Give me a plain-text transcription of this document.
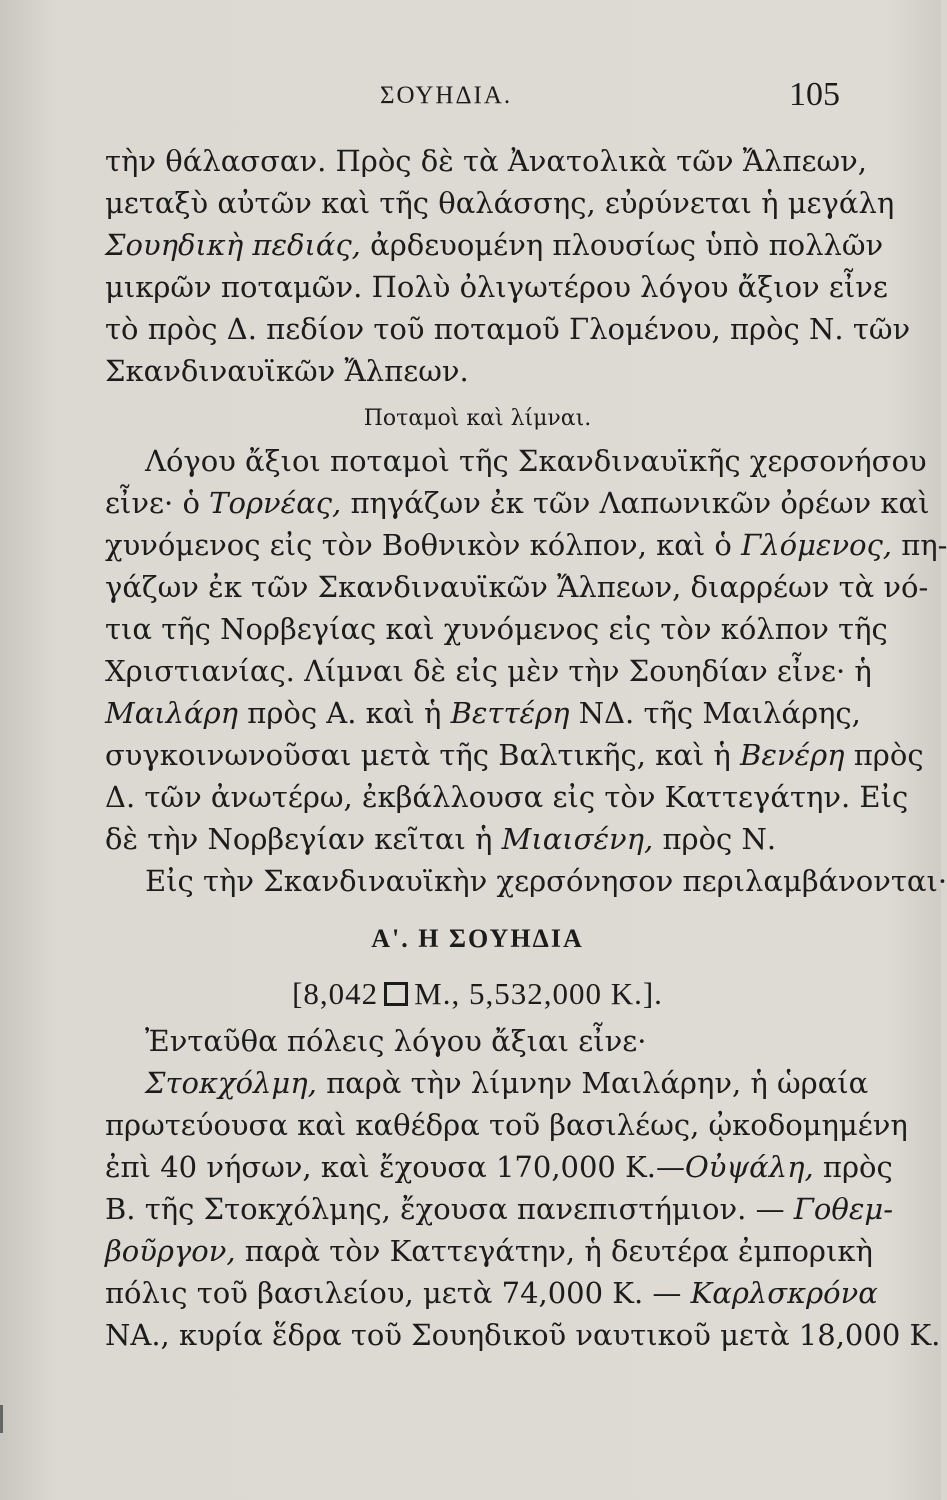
ΣΟΥΗΔΙΑ.	105
τὴν θάλασσαν. Πρὸς δὲ τὰ Ἀνατολικὰ τῶν Ἄλπεων,
μεταξὺ αὐτῶν καὶ τῆς θαλάσσης, εὐρύνεται ἡ μεγάλη
Σουηδικὴ πεδιάς, ἀρδευομένη πλουσίως ὑπὸ πολλῶν
μικρῶν ποταμῶν. Πολὺ ὀλιγωτέρου λόγου ἄξιον εἶνε
τὸ πρὸς Δ. πεδίον τοῦ ποταμοῦ Γλομένου, πρὸς Ν. τῶν
Σκανδιναυϊκῶν Ἄλπεων.
Ποταμοὶ καὶ λίμναι.
Λόγου ἄξιοι ποταμοὶ τῆς Σκανδιναυϊκῆς χερσονήσου
εἶνε· ὁ Τορνέας, πηγάζων ἐκ τῶν Λαπωνικῶν ὀρέων καὶ
χυνόμενος εἰς τὸν Βοθνικὸν κόλπον, καὶ ὁ Γλόμενος, πη-
γάζων ἐκ τῶν Σκανδιναυϊκῶν Ἄλπεων, διαρρέων τὰ νό-
τια τῆς Νορβεγίας καὶ χυνόμενος εἰς τὸν κόλπον τῆς
Χριστιανίας. Λίμναι δὲ εἰς μὲν τὴν Σουηδίαν εἶνε· ἡ
Μαιλάρη πρὸς Α. καὶ ἡ Βεττέρη ΝΔ. τῆς Μαιλάρης,
συγκοινωνοῦσαι μετὰ τῆς Βαλτικῆς, καὶ ἡ Βενέρη πρὸς
Δ. τῶν ἀνωτέρω, ἐκβάλλουσα εἰς τὸν Καττεγάτην. Εἰς
δὲ τὴν Νορβεγίαν κεῖται ἡ Μιαισένη, πρὸς Ν.
Εἰς τὴν Σκανδιναυϊκὴν χερσόνησον περιλαμβάνονται·
Α'. Η ΣΟΥΗΔΙΑ
[8,042 Μ., 5,532,000 Κ.].
Ἐνταῦθα πόλεις λόγου ἄξιαι εἶνε·
Στοκχόλμη, παρὰ τὴν λίμνην Μαιλάρην, ἡ ὡραία
πρωτεύουσα καὶ καθέδρα τοῦ βασιλέως, ᾠκοδομημένη
ἐπὶ 40 νήσων, καὶ ἔχουσα 170,000 Κ.—Οὐψάλη, πρὸς
Β. τῆς Στοκχόλμης, ἔχουσα πανεπιστήμιον. — Γοθεμ-
βοῦργον, παρὰ τὸν Καττεγάτην, ἡ δευτέρα ἐμπορικὴ
πόλις τοῦ βασιλείου, μετὰ 74,000 Κ. — Καρλσκρόνα
ΝΑ., κυρία ἕδρα τοῦ Σουηδικοῦ ναυτικοῦ μετὰ 18,000 Κ.
